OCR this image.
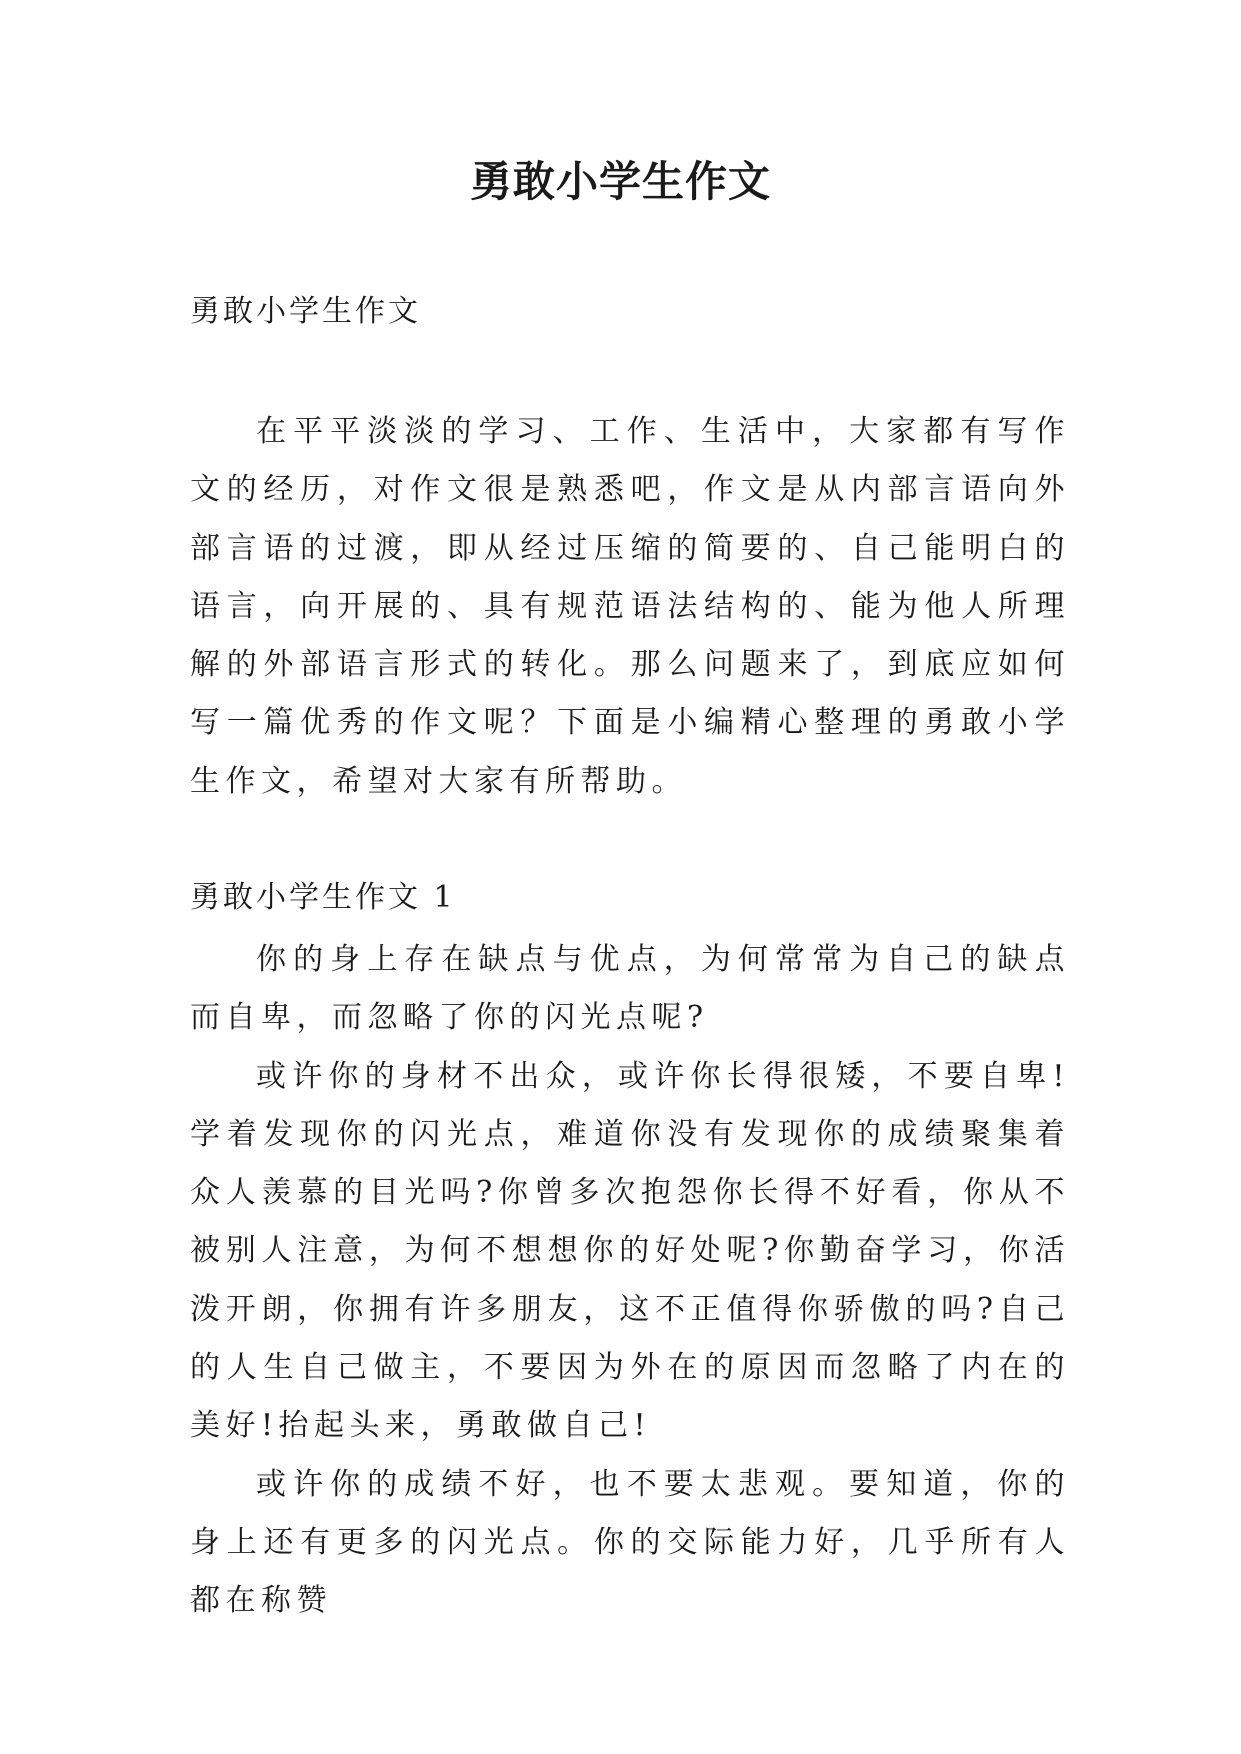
勇敢小学生作文
勇敢小学生作文

在平平淡淡的学习、工作、生活中，大家都有写作文的经历，对作文很是熟悉吧，作文是从内部言语向外部言语的过渡，即从经过压缩的简要的、自己能明白的语言，向开展的、具有规范语法结构的、能为他人所理解的外部语言形式的转化。那么问题来了，到底应如何写一篇优秀的作文呢？下面是小编精心整理的勇敢小学生作文，希望对大家有所帮助。

勇敢小学生作文 1

你的身上存在缺点与优点，为何常常为自己的缺点而自卑，而忽略了你的闪光点呢?

或许你的身材不出众，或许你长得很矮，不要自卑!学着发现你的闪光点，难道你没有发现你的成绩聚集着众人羡慕的目光吗?你曾多次抱怨你长得不好看，你从不被别人注意，为何不想想你的好处呢?你勤奋学习，你活泼开朗，你拥有许多朋友，这不正值得你骄傲的吗?自己的人生自己做主，不要因为外在的原因而忽略了内在的美好!抬起头来，勇敢做自己!

或许你的成绩不好，也不要太悲观。要知道，你的身上还有更多的闪光点。你的交际能力好，几乎所有人都在称赞
